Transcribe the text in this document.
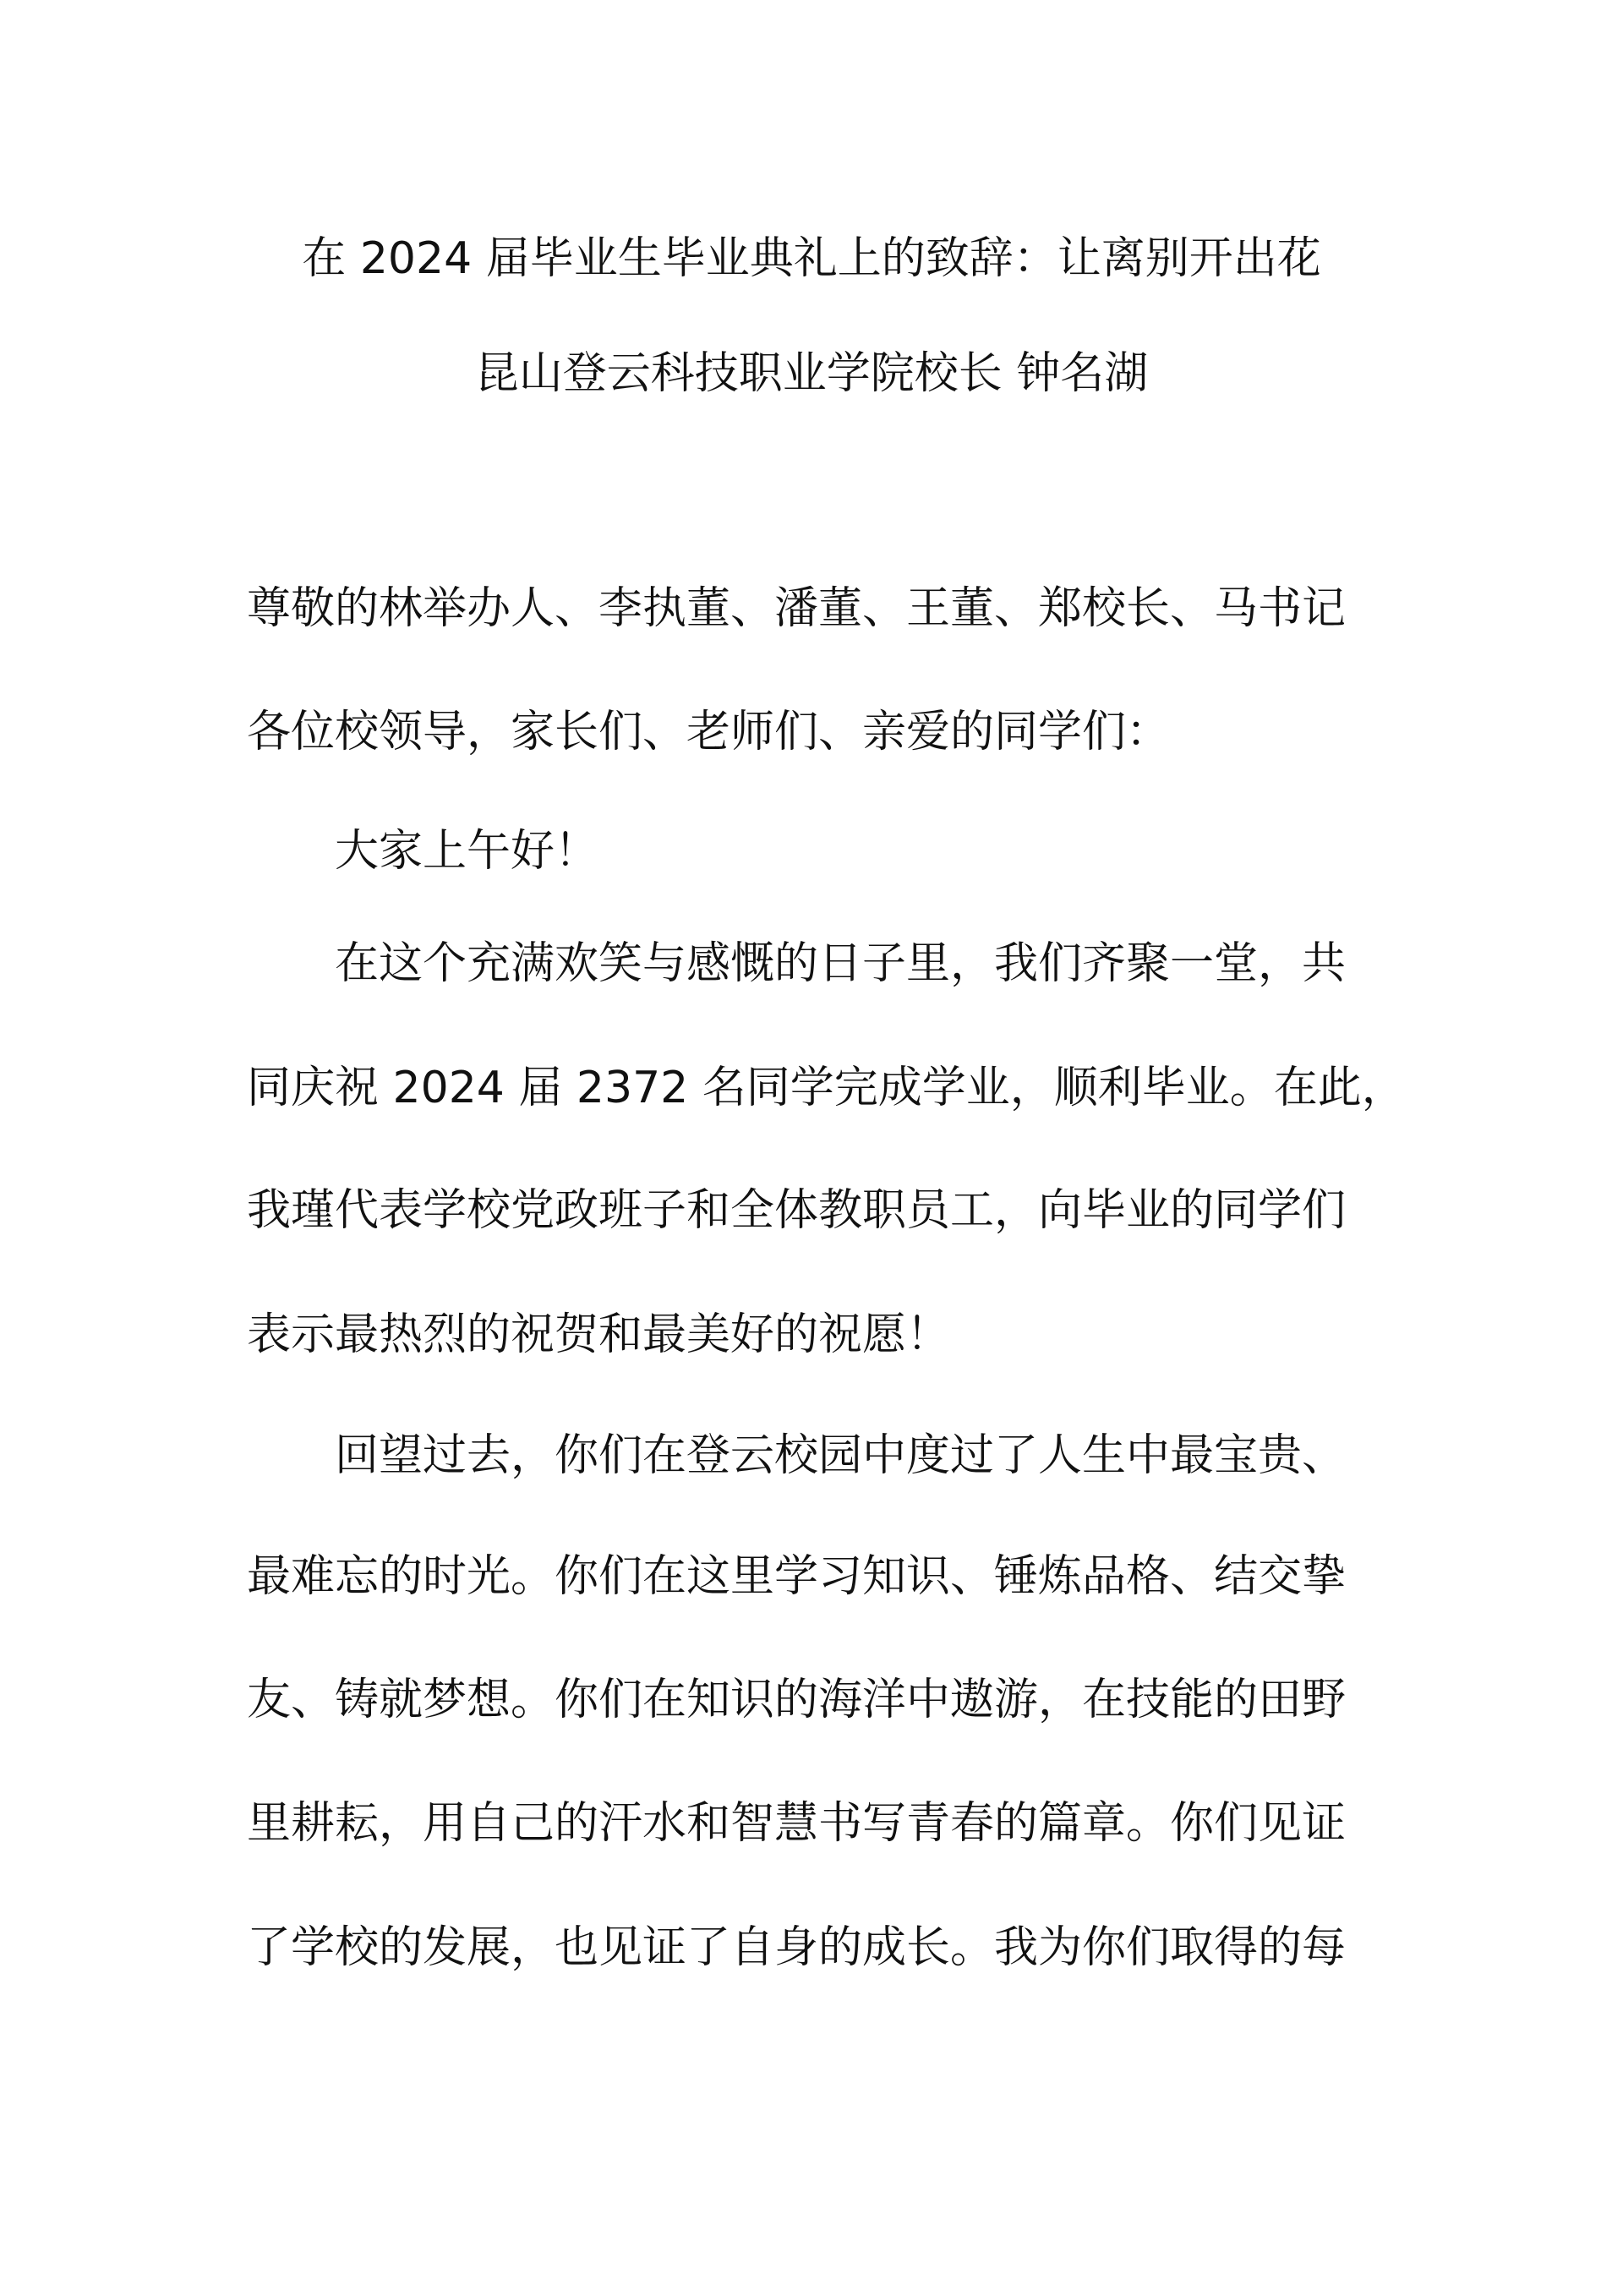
在 2024 届毕业生毕业典礼上的致辞：让离别开出花
昆山登云科技职业学院校长 钟名湖
尊敬的林举办人、李执董、潘董、王董、郑校长、马书记
各位校领导，家长们、老师们、亲爱的同学们：
大家上午好！
在这个充满欢笑与感慨的日子里，我们齐聚一堂，共
同庆祝 2024 届 2372 名同学完成学业，顺利毕业。在此，
我瑾代表学校党政班子和全体教职员工，向毕业的同学们
表示最热烈的祝贺和最美好的祝愿！
回望过去，你们在登云校园中度过了人生中最宝贵、
最难忘的时光。你们在这里学习知识、锤炼品格、结交挚
友、铸就梦想。你们在知识的海洋中遨游，在技能的田野
里耕耘，用自己的汗水和智慧书写青春的篇章。你们见证
了学校的发展，也见证了自身的成长。我为你们取得的每
